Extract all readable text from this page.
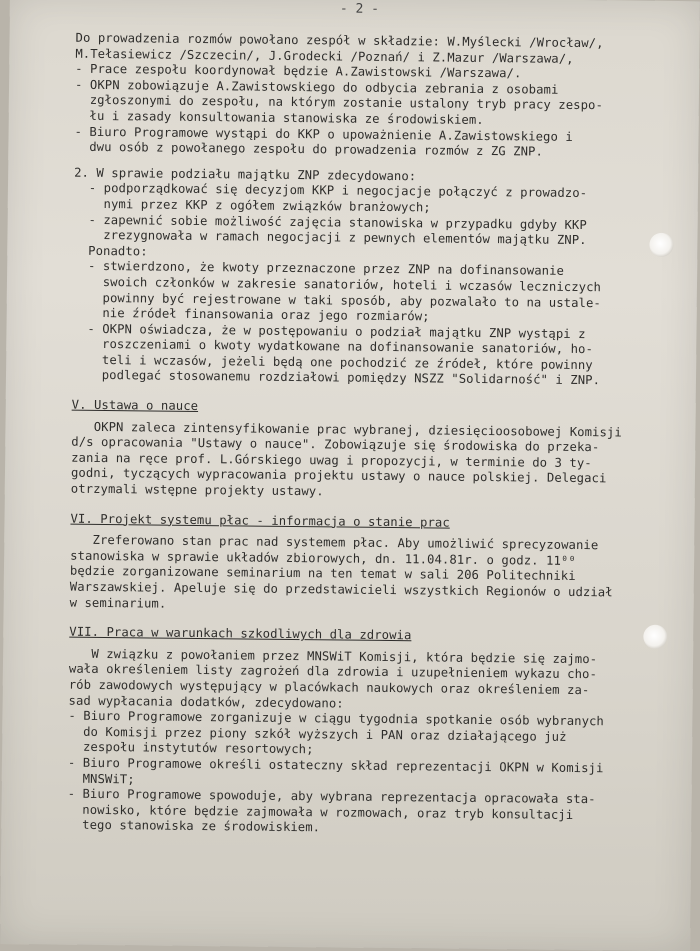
- 2 -
Do prowadzenia rozmów powołano zespół w składzie: W.Myślecki /Wrocław/,
M.Tełasiewicz /Szczecin/, J.Grodecki /Poznań/ i Z.Mazur /Warszawa/,
- Prace zespołu koordynował będzie A.Zawistowski /Warszawa/.
- OKPN zobowiązuje A.Zawistowskiego do odbycia zebrania z osobami
zgłoszonymi do zespołu, na którym zostanie ustalony tryb pracy zespo-
łu i zasady konsultowania stanowiska ze środowiskiem.
- Biuro Programowe wystąpi do KKP o upoważnienie A.Zawistowskiego i
dwu osób z powołanego zespołu do prowadzenia rozmów z ZG ZNP.
2. W sprawie podziału majątku ZNP zdecydowano:
- podporządkować się decyzjom KKP i negocjacje połączyć z prowadzo-
nymi przez KKP z ogółem związków branżowych;
- zapewnić sobie możliwość zajęcia stanowiska w przypadku gdyby KKP
zrezygnowała w ramach negocjacji z pewnych elementów majątku ZNP.
Ponadto:
- stwierdzono, że kwoty przeznaczone przez ZNP na dofinansowanie
swoich członków w zakresie sanatoriów, hoteli i wczasów leczniczych
powinny być rejestrowane w taki sposób, aby pozwalało to na ustale-
nie źródeł finansowania oraz jego rozmiarów;
- OKPN oświadcza, że w postępowaniu o podział majątku ZNP wystąpi z
roszczeniami o kwoty wydatkowane na dofinansowanie sanatoriów, ho-
teli i wczasów, jeżeli będą one pochodzić ze źródeł, które powinny
podlegać stosowanemu rozdziałowi pomiędzy NSZZ "Solidarność" i ZNP.
V. Ustawa o nauce
OKPN zaleca zintensyfikowanie prac wybranej, dziesięcioosobowej Komisji
d/s opracowania "Ustawy o nauce". Zobowiązuje się środowiska do przeka-
zania na ręce prof. L.Górskiego uwag i propozycji, w terminie do 3 ty-
godni, tyczących wypracowania projektu ustawy o nauce polskiej. Delegaci
otrzymali wstępne projekty ustawy.
VI. Projekt systemu płac - informacja o stanie prac
Zreferowano stan prac nad systemem płac. Aby umożliwić sprecyzowanie
stanowiska w sprawie układów zbiorowych, dn. 11.04.81r. o godz. 11⁰⁰
będzie zorganizowane seminarium na ten temat w sali 206 Politechniki
Warszawskiej. Apeluje się do przedstawicieli wszystkich Regionów o udział
w seminarium.
VII. Praca w warunkach szkodliwych dla zdrowia
W związku z powołaniem przez MNSWiT Komisji, która będzie się zajmo-
wała określeniem listy zagrożeń dla zdrowia i uzupełnieniem wykazu cho-
rób zawodowych występujący w placówkach naukowych oraz określeniem za-
sad wypłacania dodatków, zdecydowano:
- Biuro Programowe zorganizuje w ciągu tygodnia spotkanie osób wybranych
do Komisji przez piony szkół wyższych i PAN oraz działającego już
zespołu instytutów resortowych;
- Biuro Programowe określi ostateczny skład reprezentacji OKPN w Komisji
MNSWiT;
- Biuro Programowe spowoduje, aby wybrana reprezentacja opracowała sta-
nowisko, które będzie zajmowała w rozmowach, oraz tryb konsultacji
tego stanowiska ze środowiskiem.
